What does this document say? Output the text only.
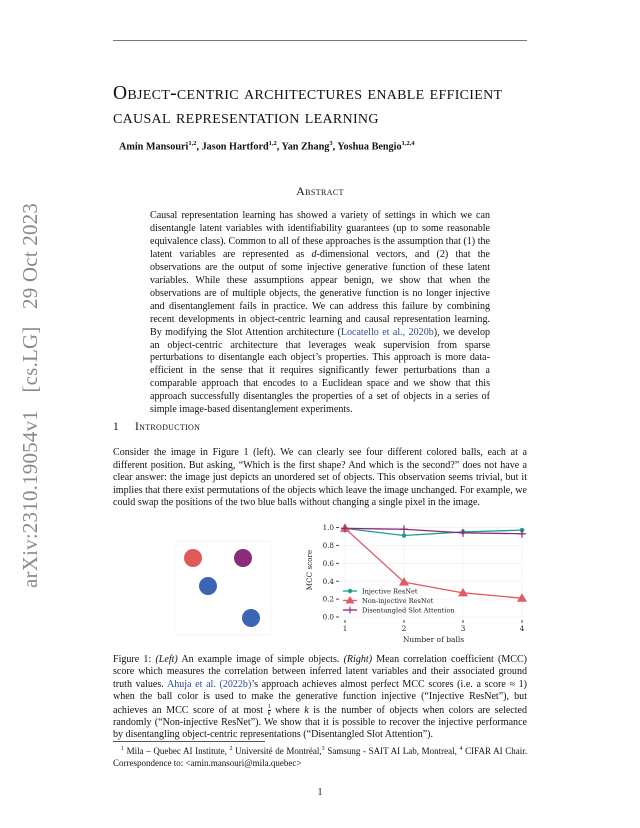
arXiv:2310.19054v1 [cs.LG] 29 Oct 2023
Object-centric architectures enable efficient causal representation learning
Amin Mansouri$^{1,2}$, Jason Hartford$^{1,2}$, Yan Zhang$^3$, Yoshua Bengio$^{1,2,4}$
Abstract
Causal representation learning has showed a variety of settings in which we can disentangle latent variables with identifiability guarantees (up to some reasonable equivalence class). Common to all of these approaches is the assumption that (1) the latent variables are represented as d-dimensional vectors, and (2) that the observations are the output of some injective generative function of these latent variables. While these assumptions appear benign, we show that when the observations are of multiple objects, the generative function is no longer injective and disentanglement fails in practice. We can address this failure by combining recent developments in object-centric learning and causal representation learning. By modifying the Slot Attention architecture (Locatello et al., 2020b), we develop an object-centric architecture that leverages weak supervision from sparse perturbations to disentangle each object’s properties. This approach is more data-efficient in the sense that it requires significantly fewer perturbations than a comparable approach that encodes to a Euclidean space and we show that this approach successfully disentangles the properties of a set of objects in a series of simple image-based disentanglement experiments.
1 Introduction
Consider the image in Figure 1 (left). We can clearly see four different colored balls, each at a different position. But asking, “Which is the first shape? And which is the second?” does not have a clear answer: the image just depicts an unordered set of objects. This observation seems trivial, but it implies that there exist permutations of the objects which leave the image unchanged. For example, we could swap the positions of the two blue balls without changing a single pixel in the image.
0.0
0.2
0.4
0.6
0.8
1.0
1	2	3	4
Number of balls
MCC score
Injective ResNet
Non-injective ResNet
Disentangled Slot Attention
Figure 1: (Left) An example image of simple objects. (Right) Mean correlation coefficient (MCC) score which measures the correlation between inferred latent variables and their associated ground truth values. Ahuja et al. (2022b)’s approach achieves almost perfect MCC scores (i.e. a score ≈ 1) when the ball color is used to make the generative function injective (“Injective ResNet”), but achieves an MCC score of at most $\frac{1}{k}$ where k is the number of objects when colors are selected randomly (“Non-injective ResNet”). We show that it is possible to recover the injective performance by disentangling object-centric representations (“Disentangled Slot Attention”).
$^1$ Mila – Quebec AI Institute, $^2$ Université de Montréal,$^3$ Samsung - SAIT AI Lab, Montreal, $^4$ CIFAR AI Chair. Correspondence to: <amin.mansouri@mila.quebec>
1
